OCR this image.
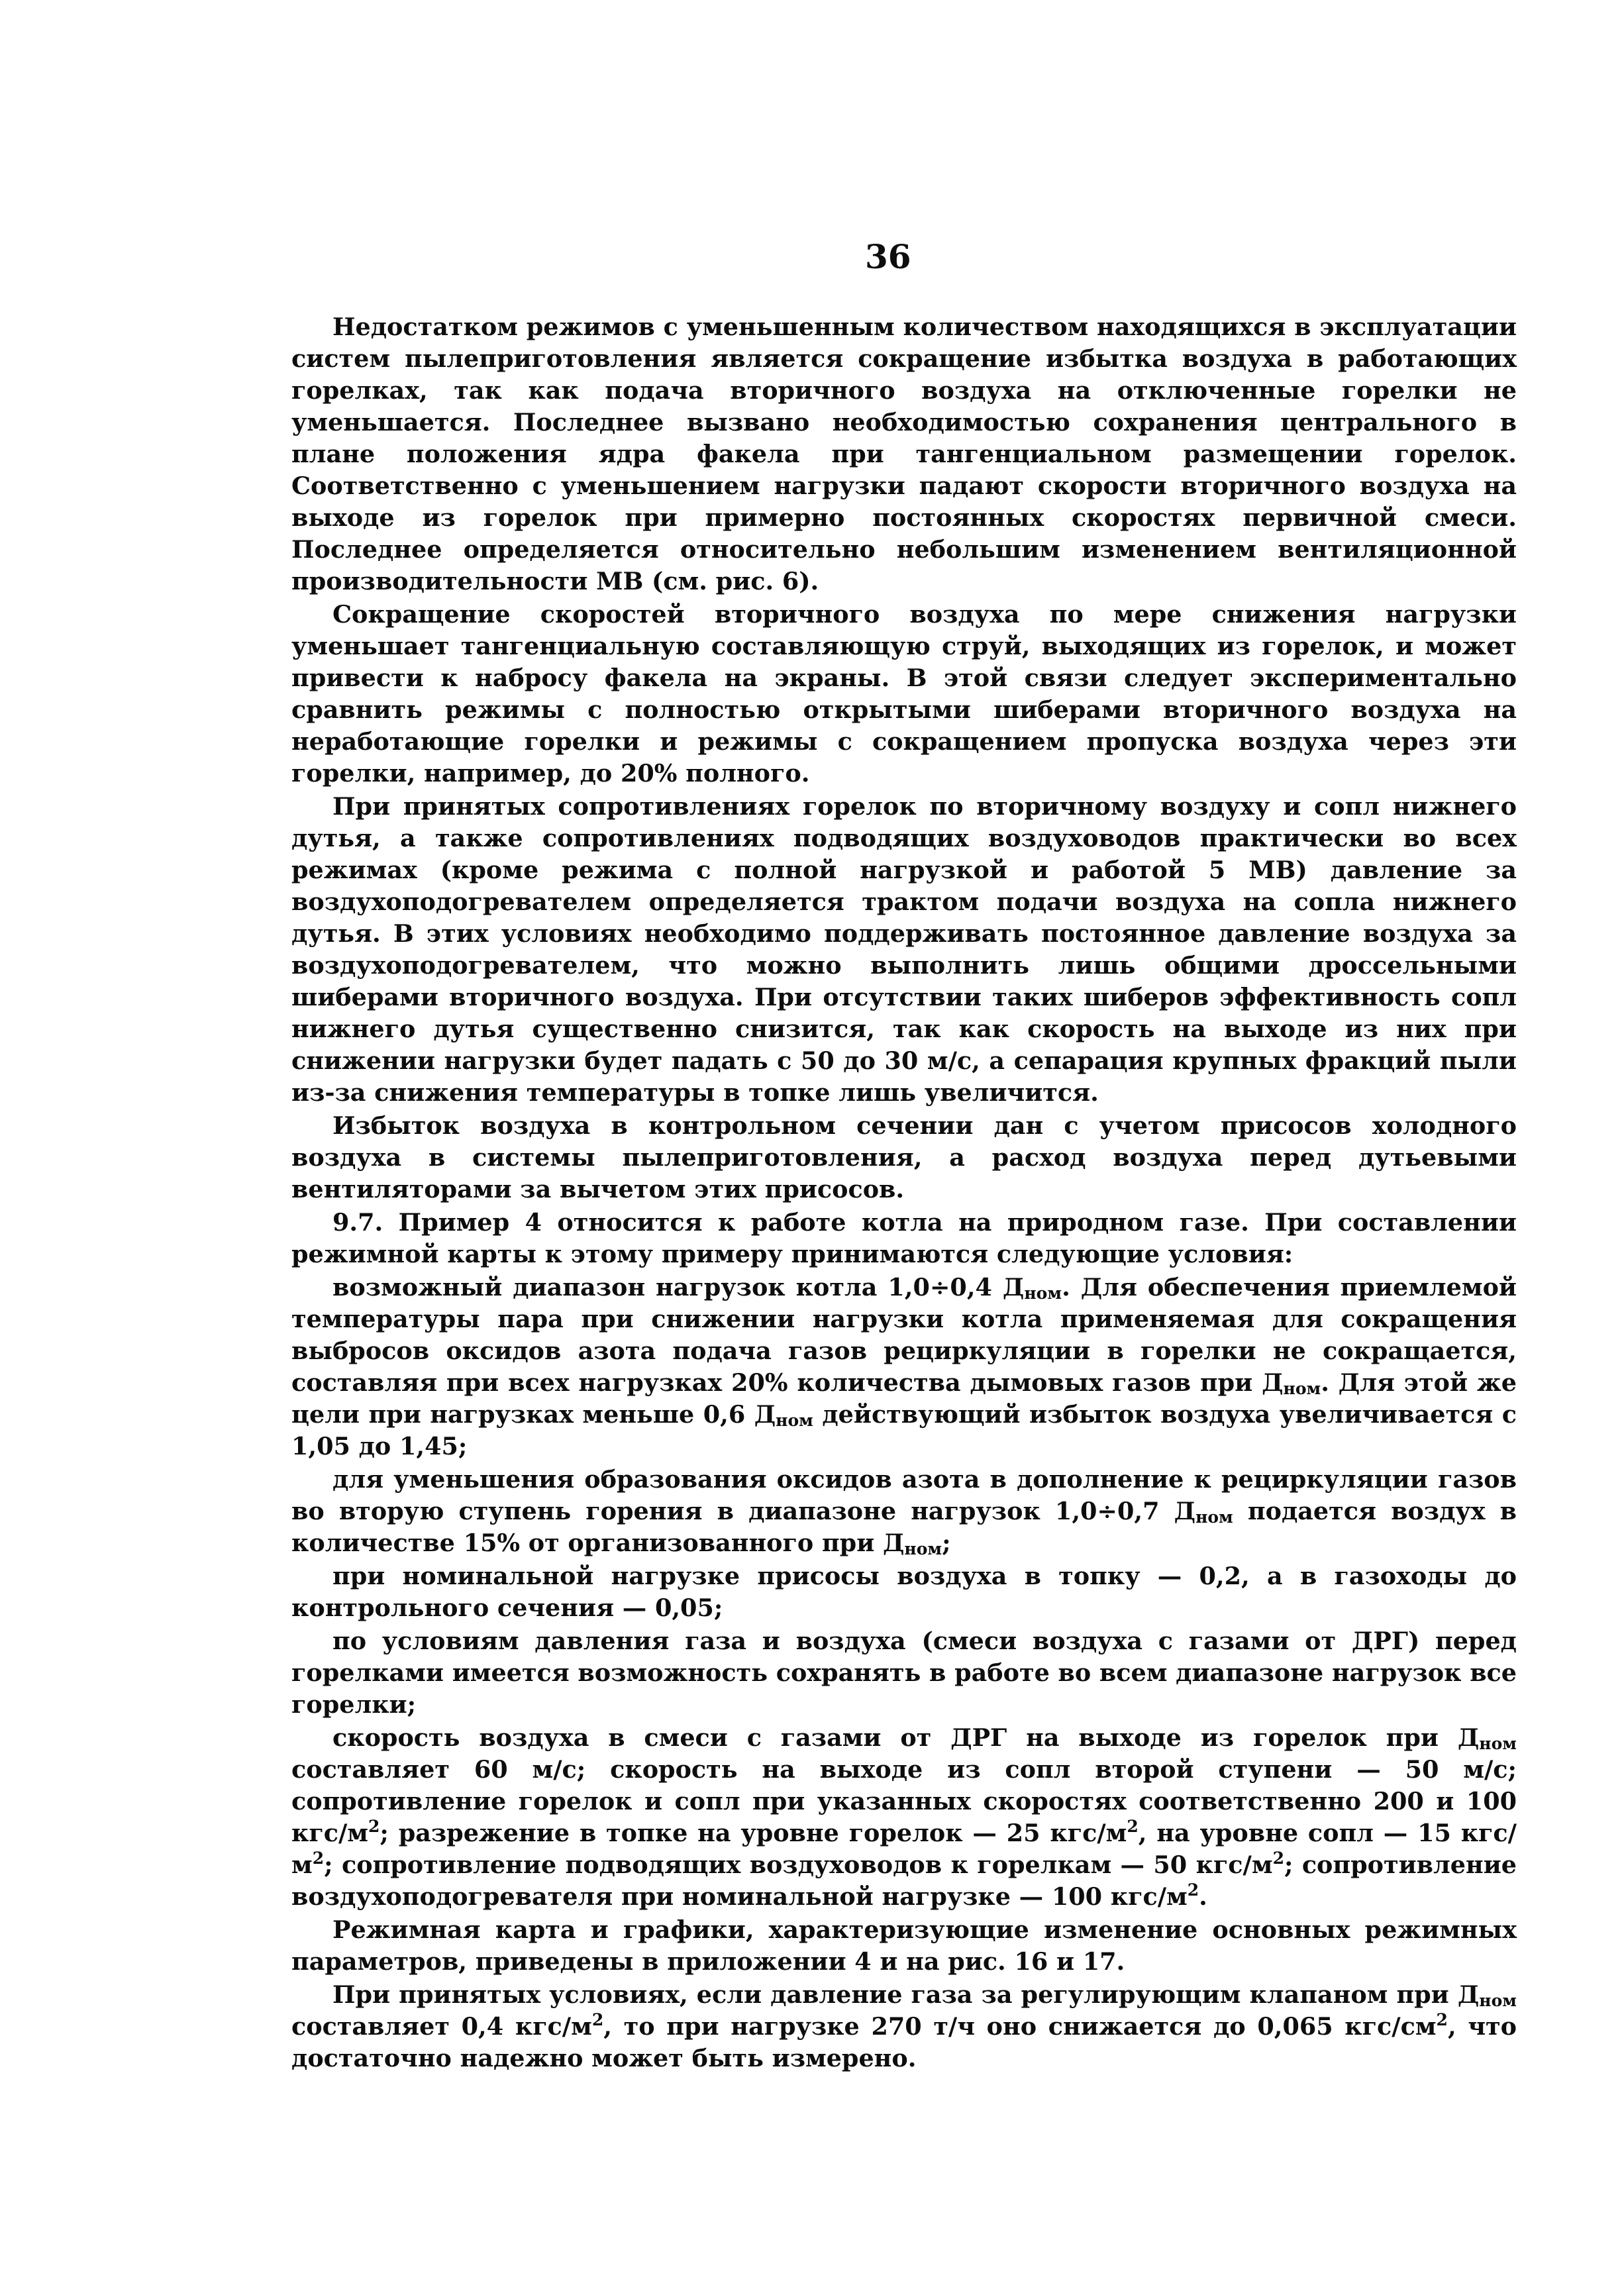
36

Недостатком режимов с уменьшенным количеством находящихся в эксплуатации систем пылеприготовления является сокращение избытка воздуха в работающих горелках, так как подача вторичного воздуха на отключенные горелки не уменьшается. Последнее вызвано необходимостью сохранения центрального в плане положения ядра факела при тангенциальном размещении горелок. Соответственно с уменьшением нагрузки падают скорости вторичного воздуха на выходе из горелок при примерно постоянных скоростях первичной смеси. Последнее определяется относительно небольшим изменением вентиляционной производительности МВ (см. рис. 6).

Сокращение скоростей вторичного воздуха по мере снижения нагрузки уменьшает тангенциальную составляющую струй, выходящих из горелок, и может привести к набросу факела на экраны. В этой связи следует экспериментально сравнить режимы с полностью открытыми шиберами вторичного воздуха на неработающие горелки и режимы с сокращением пропуска воздуха через эти горелки, например, до 20% полного.

При принятых сопротивлениях горелок по вторичному воздуху и сопл нижнего дутья, а также сопротивлениях подводящих воздуховодов практически во всех режимах (кроме режима с полной нагрузкой и работой 5 МВ) давление за воздухоподогревателем определяется трактом подачи воздуха на сопла нижнего дутья. В этих условиях необходимо поддерживать постоянное давление воздуха за воздухоподогревателем, что можно выполнить лишь общими дроссельными шиберами вторичного воздуха. При отсутствии таких шиберов эффективность сопл нижнего дутья существенно снизится, так как скорость на выходе из них при снижении нагрузки будет падать с 50 до 30 м/с, а сепарация крупных фракций пыли из-за снижения температуры в топке лишь увеличится.

Избыток воздуха в контрольном сечении дан с учетом присосов холодного воздуха в системы пылеприготовления, а расход воздуха перед дутьевыми вентиляторами за вычетом этих присосов.

9.7. Пример 4 относится к работе котла на природном газе. При составлении режимной карты к этому примеру принимаются следующие условия:

возможный диапазон нагрузок котла 1,0÷0,4 $Д_{ном}$. Для обеспечения приемлемой температуры пара при снижении нагрузки котла применяемая для сокращения выбросов оксидов азота подача газов рециркуляции в горелки не сокращается, составляя при всех нагрузках 20% количества дымовых газов при $Д_{ном}$. Для этой же цели при нагрузках меньше 0,6 $Д_{ном}$ действующий избыток воздуха увеличивается с 1,05 до 1,45;

для уменьшения образования оксидов азота в дополнение к рециркуляции газов во вторую ступень горения в диапазоне нагрузок 1,0÷0,7 $Д_{ном}$ подается воздух в количестве 15% от организованного при $Д_{ном}$;

при номинальной нагрузке присосы воздуха в топку — 0,2, а в газоходы до контрольного сечения — 0,05;

по условиям давления газа и воздуха (смеси воздуха с газами от ДРГ) перед горелками имеется возможность сохранять в работе во всем диапазоне нагрузок все горелки;

скорость воздуха в смеси с газами от ДРГ на выходе из горелок при $Д_{ном}$ составляет 60 м/с; скорость на выходе из сопл второй ступени — 50 м/с; сопротивление горелок и сопл при указанных скоростях соответственно 200 и 100 кгс/$м^2$; разрежение в топке на уровне горелок — 25 кгс/$м^2$, на уровне сопл — 15 кгс/$м^2$; сопротивление подводящих воздуховодов к горелкам — 50 кгс/$м^2$; сопротивление воздухоподогревателя при номинальной нагрузке — 100 кгс/$м^2$.

Режимная карта и графики, характеризующие изменение основных режимных параметров, приведены в приложении 4 и на рис. 16 и 17.

При принятых условиях, если давление газа за регулирующим клапаном при $Д_{ном}$ составляет 0,4 кгс/$м^2$, то при нагрузке 270 т/ч оно снижается до 0,065 кгс/$см^2$, что достаточно надежно может быть измерено.
